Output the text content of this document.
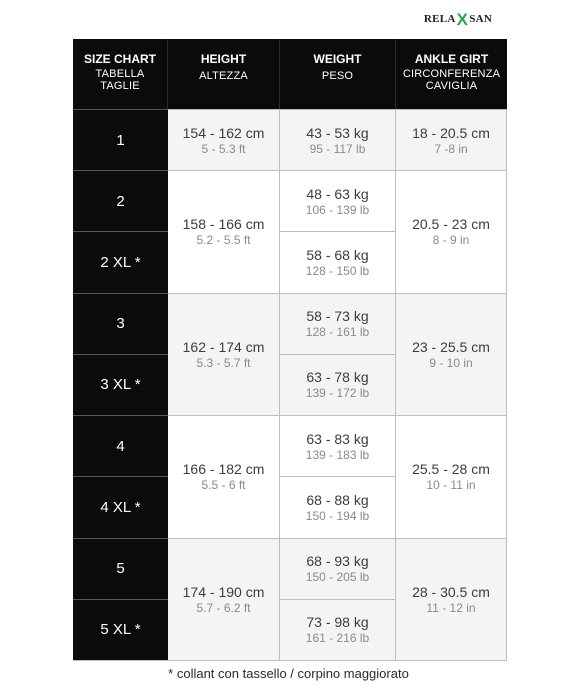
RELA X SAN
ANKLE GIRT
CIRCONFERENZA CAVIGLIA
WEIGHT
PESO
HEIGHT
ALTEZZA
SIZE CHART
TABELLA TAGLIE
1
2
2 XL *
3
3 XL *
4
4 XL *
5
5 XL *
154 - 162 cm
5 - 5.3 ft
158 - 166 cm
5.2 - 5.5 ft
162 - 174 cm
5.3 - 5.7 ft
166 - 182 cm
5.5 - 6 ft
174 - 190 cm
5.7 - 6.2 ft
43 - 53 kg
95 - 117 lb
48 - 63 kg
106 - 139 lb
58 - 68 kg
128 - 150 lb
58 - 73 kg
128 - 161 lb
63 - 78 kg
139 - 172 lb
63 - 83 kg
139 - 183 lb
68 - 88 kg
150 - 194 lb
68 - 93 kg
150 - 205 lb
73 - 98 kg
161 - 216 lb
18 - 20.5 cm
7 -8 in
20.5 - 23 cm
8 - 9 in
23 - 25.5 cm
9 - 10 in
25.5 - 28 cm
10 - 11 in
28 - 30.5 cm
11 - 12 in
* collant con tassello / corpino maggiorato
